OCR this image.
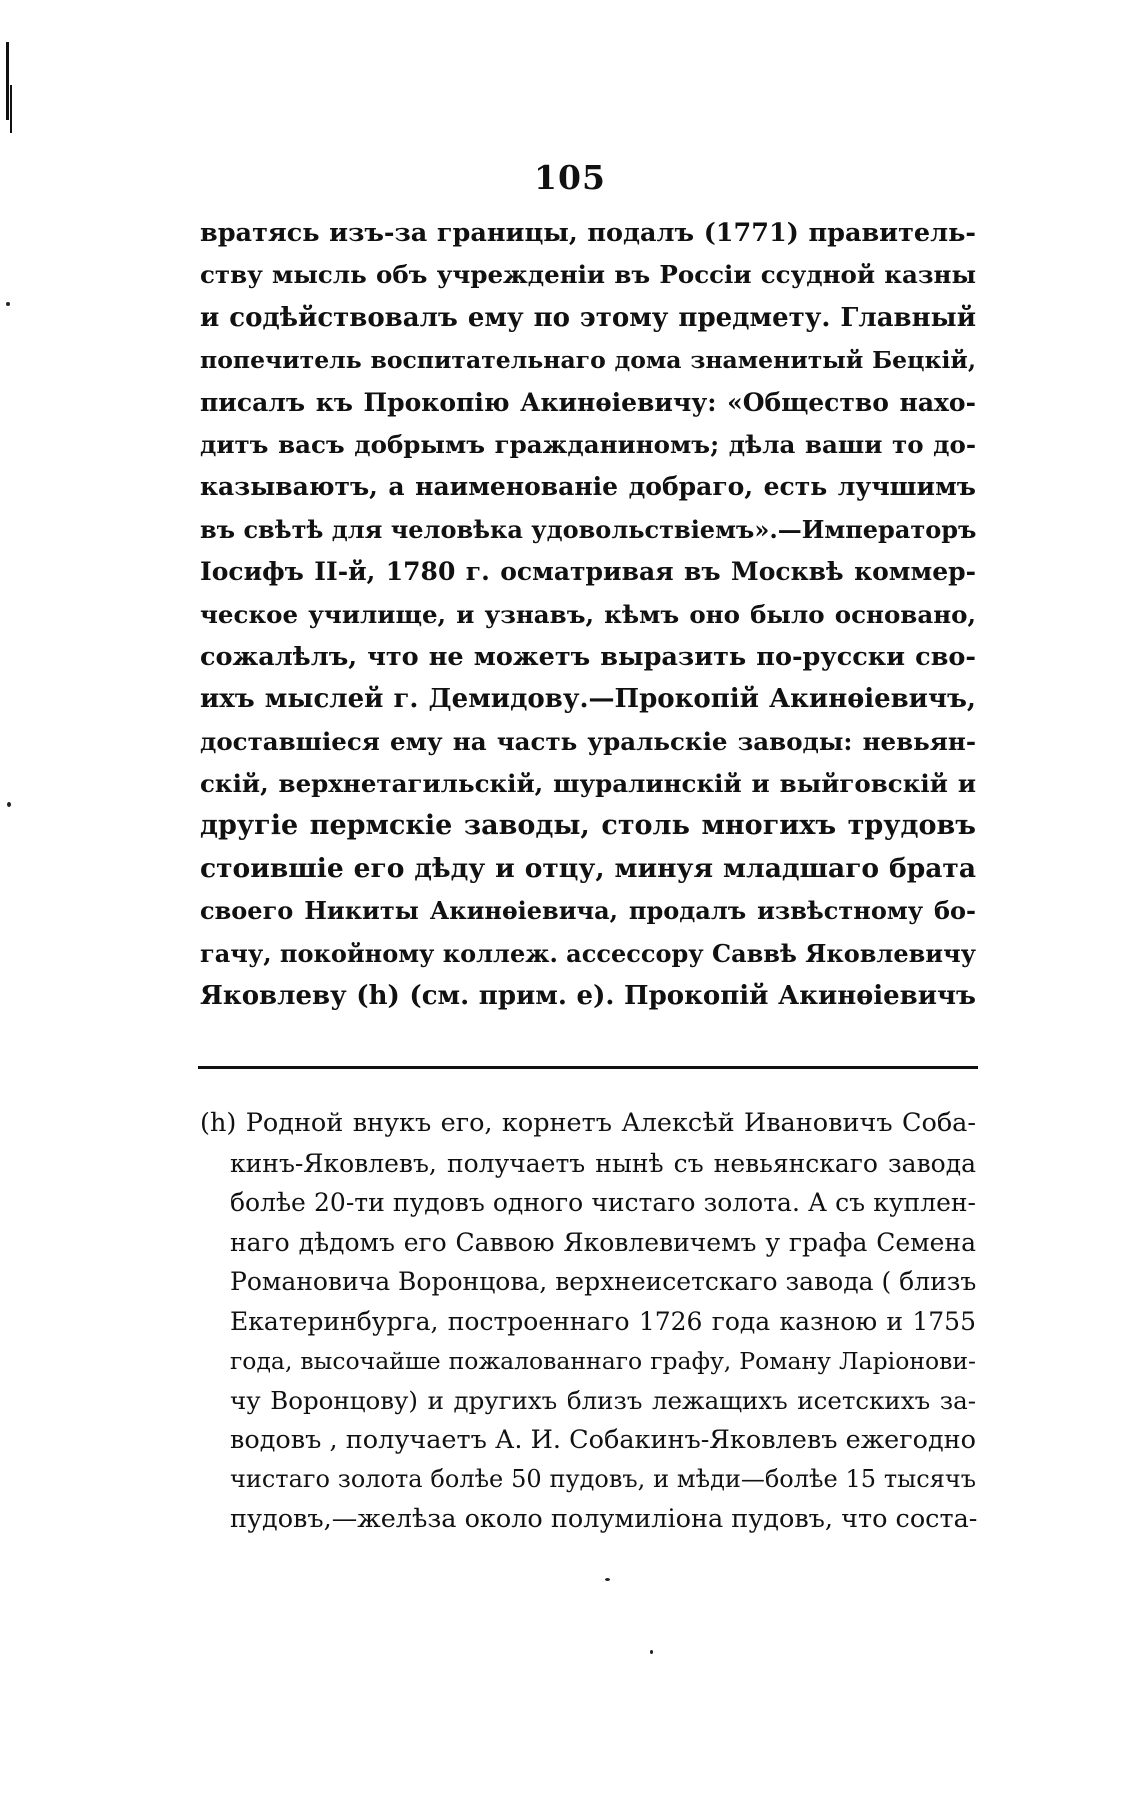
105
вратясь изъ-за границы, подалъ (1771) правитель-
ству мысль объ учрежденiи въ Россiи ссудной казны
и содѣйствовалъ ему по этому предмету. Главный
попечитель воспитательнаго дома знаменитый Бецкiй,
писалъ къ Прокопiю Акинѳiевичу: «Общество нахо-
дитъ васъ добрымъ гражданиномъ; дѣла ваши то до-
казываютъ, а наименованiе добраго, есть лучшимъ
въ свѣтѣ для человѣка удовольствiемъ».—Императоръ
Iосифъ II-й, 1780 г. осматривая въ Москвѣ коммер-
ческое училище, и узнавъ, кѣмъ оно было основано,
сожалѣлъ, что не можетъ выразить по-русски сво-
ихъ мыслей г. Демидову.—Прокопiй Акинѳiевичъ,
доставшiеся ему на часть уральскiе заводы: невьян-
скiй, верхнетагильскiй, шуралинскiй и выйговскiй и
другiе пермскiе заводы, столь многихъ трудовъ
стоившiе его дѣду и отцу, минуя младшаго брата
своего Никиты Акинѳiевича, продалъ извѣстному бо-
гачу, покойному коллеж. ассессору Саввѣ Яковлевичу
Яковлеву (h) (см. прим. е). Прокопiй Акинѳiевичъ
(h) Родной внукъ его, корнетъ Алексѣй Ивановичъ Соба-
кинъ-Яковлевъ, получаетъ нынѣ съ невьянскаго завода
болѣе 20-ти пудовъ одного чистаго золота. А съ куплен-
наго дѣдомъ его Саввою Яковлевичемъ у графа Семена
Романовича Воронцова, верхнеисетскаго завода ( близъ
Екатеринбурга, построеннаго 1726 года казною и 1755
года, высочайше пожалованнаго графу, Роману Ларiонови-
чу Воронцову) и другихъ близъ лежащихъ исетскихъ за-
водовъ , получаетъ А. И. Собакинъ-Яковлевъ ежегодно
чистаго золота болѣе 50 пудовъ, и мѣди—болѣе 15 тысячъ
пудовъ,—желѣза около полумилiона пудовъ, что соста-
